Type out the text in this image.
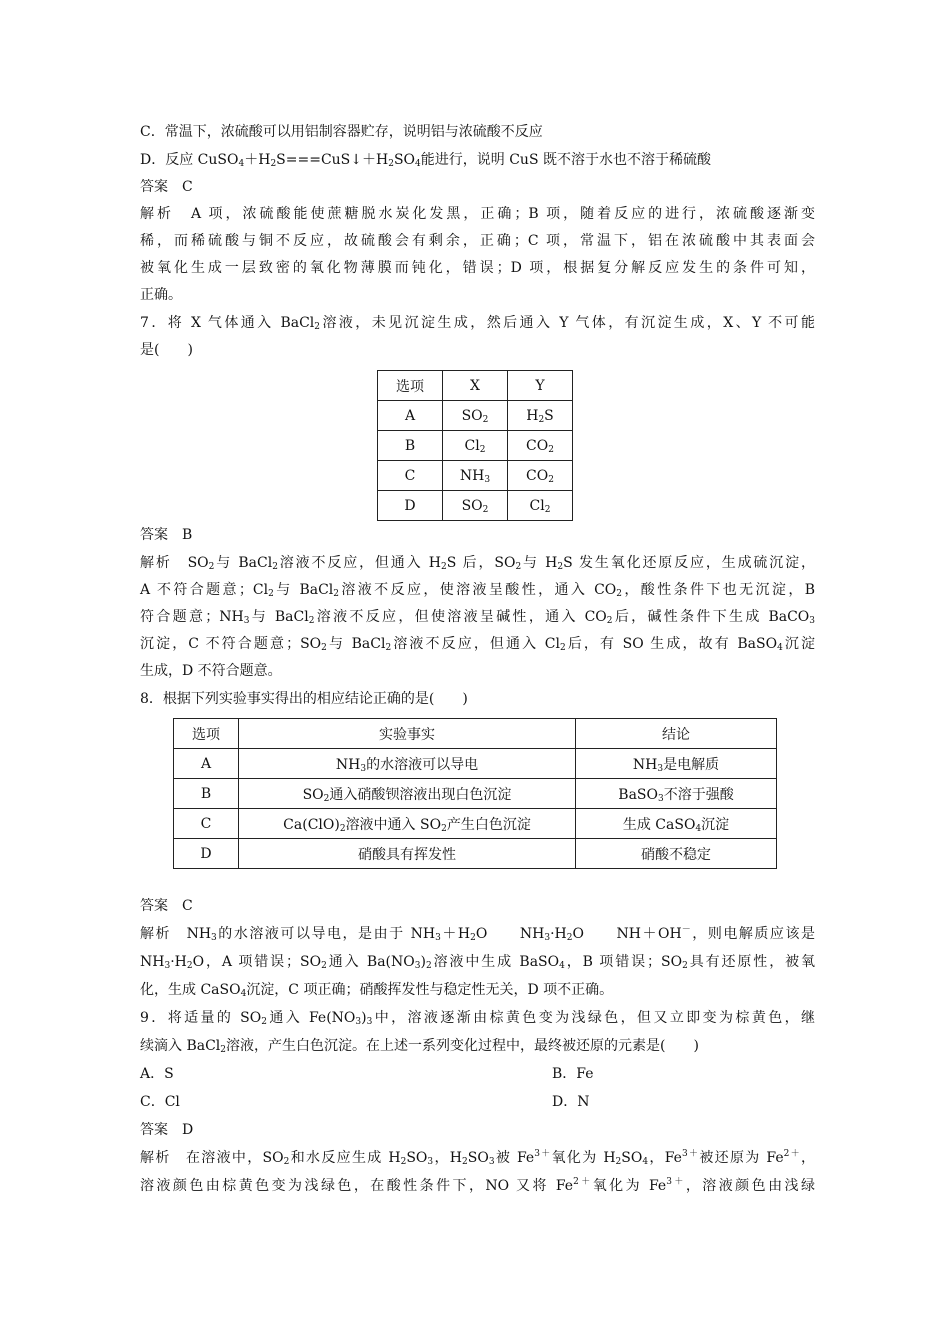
C．常温下，浓硫酸可以用铝制容器贮存，说明铝与浓硫酸不反应
D．反应 $CuSO_4+H_2S===CuS↓+H_2SO_4$能进行，说明 CuS 既不溶于水也不溶于稀硫酸
答案　C
解析　A 项，浓硫酸能使蔗糖脱水炭化发黑，正确；B 项，随着反应的进行，浓硫酸逐渐变
稀，而稀硫酸与铜不反应，故硫酸会有剩余，正确；C 项，常温下，铝在浓硫酸中其表面会
被氧化生成一层致密的氧化物薄膜而钝化，错误；D 项，根据复分解反应发生的条件可知，
正确。
7．将 X 气体通入 BaCl$_2$溶液，未见沉淀生成，然后通入 Y 气体，有沉淀生成，X、Y 不可能
是(　　)
选项	X	Y
A	$SO_2$	$H_2S$
B	$Cl_2$	$CO_2$
C	$NH_3$	$CO_2$
D	$SO_2$	$Cl_2$
答案　B
解析　$SO_2$与 BaCl$_2$溶液不反应，但通入 $H_2S$ 后，$SO_2$与 $H_2S$ 发生氧化还原反应，生成硫沉淀，
A 不符合题意；$Cl_2$与 BaCl$_2$溶液不反应，使溶液呈酸性，通入 $CO_2$，酸性条件下也无沉淀，B
符合题意；$NH_3$与 BaCl$_2$溶液不反应，但使溶液呈碱性，通入 $CO_2$后，碱性条件下生成 BaCO$_3$
沉淀，C 不符合题意；$SO_2$与 BaCl$_2$溶液不反应，但通入 $Cl_2$后，有 SO 生成，故有 BaSO$_4$沉淀
生成，D 不符合题意。
8．根据下列实验事实得出的相应结论正确的是(　　)
选项	实验事实	结论
A	$NH_3$的水溶液可以导电	$NH_3$是电解质
B	$SO_2$通入硝酸钡溶液出现白色沉淀	BaSO$_3$不溶于强酸
C	$Ca(ClO)_2$溶液中通入 $SO_2$产生白色沉淀	生成 CaSO$_4$沉淀
D	硝酸具有挥发性	硝酸不稳定
答案　C
解析　$NH_3$的水溶液可以导电，是由于 $NH_3+H_2O$　　$NH_3\cdot H_2O$　　NH＋OH－，则电解质应该是
$NH_3\cdot H_2O$，A 项错误；$SO_2$通入 $Ba(NO_3)_2$溶液中生成 BaSO$_4$，B 项错误；$SO_2$具有还原性，被氧
化，生成 CaSO$_4$沉淀，C 项正确；硝酸挥发性与稳定性无关，D 项不正确。
9．将适量的 $SO_2$通入 $Fe(NO_3)_3$中，溶液逐渐由棕黄色变为浅绿色，但又立即变为棕黄色，继
续滴入 BaCl$_2$溶液，产生白色沉淀。在上述一系列变化过程中，最终被还原的元素是(　　)
A．S	B．Fe
C．Cl	D．N
答案　D
解析　在溶液中，$SO_2$和水反应生成 $H_2SO_3$，$H_2SO_3$被 $Fe^{3+}$氧化为 $H_2SO_4$，$Fe^{3+}$被还原为 $Fe^{2+}$，
溶液颜色由棕黄色变为浅绿色，在酸性条件下，NO 又将 $Fe^{2+}$氧化为 $Fe^{3+}$，溶液颜色由浅绿
